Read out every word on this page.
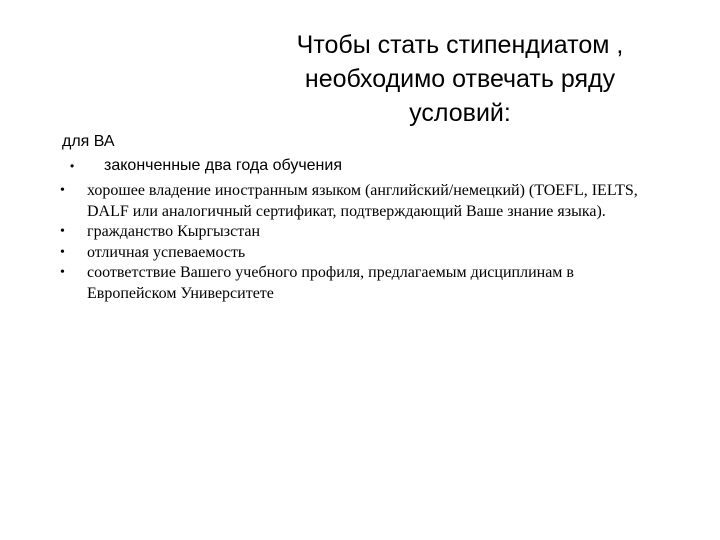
Чтобы стать стипендиатом ,
необходимо отвечать ряду
условий:
для ВА
•	законченные два года обучения
•	хорошее владение иностранным языком (английский/немецкий) (TOEFL, IELTS, DALF или аналогичный сертификат, подтверждающий Ваше знание языка).
•	гражданство Кыргызстан
•	отличная успеваемость
•	соответствие Вашего учебного профиля, предлагаемым дисциплинам в Европейском Университете
